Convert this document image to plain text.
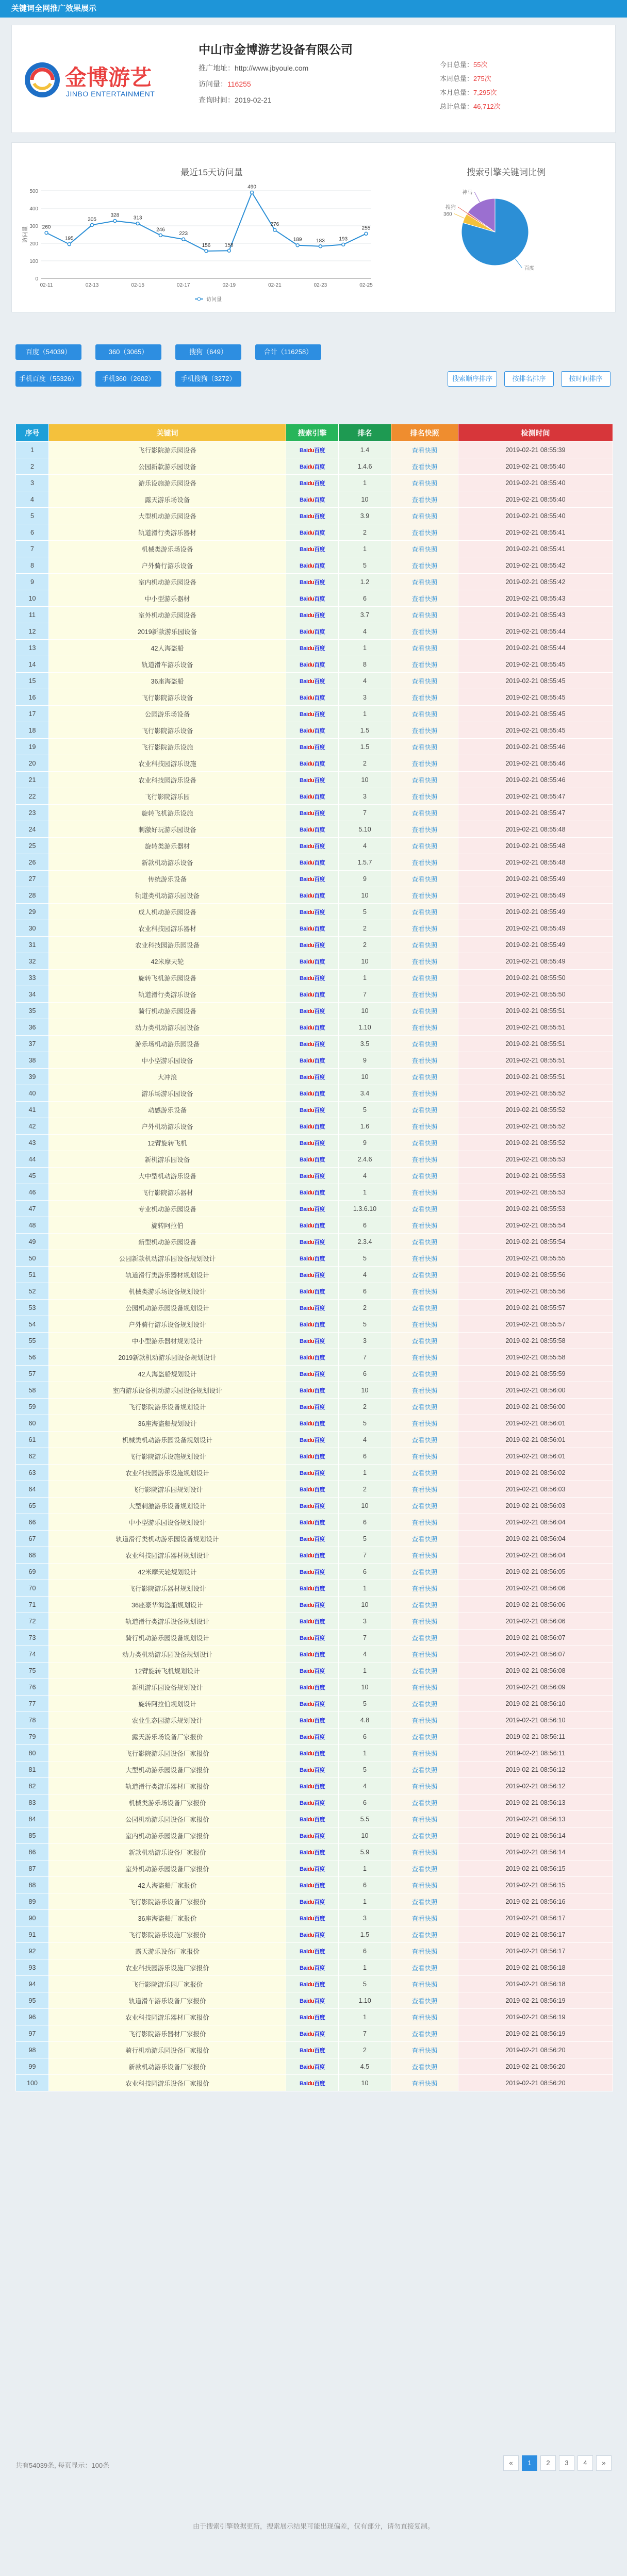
关键词全网推广效果展示
金博游艺
JINBO ENTERTAINMENT
中山市金博游艺设备有限公司
推广地址：http://www.jbyoule.com
访问量：116255
查询时间：2019-02-21
今日总量：55次
本周总量：275次
本月总量：7,295次
总计总量：46,712次
最近15天访问量	搜索引擎关键词比例
0
100
200
300
400
500
访问量	260
195
305
328	313
246
223
156	158
490
276
189	183	193
255
02-11	02-13	02-15	02-17	02-19	02-21	02-23	02-25
访问量
百度
360
搜狗
神马
百度（54039）	360（3065）	搜狗（649）	合计（116258）
手机百度（55326）	手机360（2602）	手机搜狗（3272）	搜索顺序排序	按排名排序	按时间排序
序号	关键词	搜索引擎	排名	排名快照	检测时间
1	飞行影院游乐园设备	Baidu百度	1.4	查看快照	2019-02-21 08:55:39
2	公园新款游乐园设备	Baidu百度	1.4.6	查看快照	2019-02-21 08:55:40
3	游乐设施游乐园设备	Baidu百度	1	查看快照	2019-02-21 08:55:40
4	露天游乐场设备	Baidu百度	10	查看快照	2019-02-21 08:55:40
5	大型机动游乐园设备	Baidu百度	3.9	查看快照	2019-02-21 08:55:40
6	轨道滑行类游乐器材	Baidu百度	2	查看快照	2019-02-21 08:55:41
7	机械类游乐场设备	Baidu百度	1	查看快照	2019-02-21 08:55:41
8	户外骑行游乐设备	Baidu百度	5	查看快照	2019-02-21 08:55:42
9	室内机动游乐园设备	Baidu百度	1.2	查看快照	2019-02-21 08:55:42
10	中小型游乐器材	Baidu百度	6	查看快照	2019-02-21 08:55:43
11	室外机动游乐园设备	Baidu百度	3.7	查看快照	2019-02-21 08:55:43
12	2019新款游乐园设备	Baidu百度	4	查看快照	2019-02-21 08:55:44
13	42人海盗船	Baidu百度	1	查看快照	2019-02-21 08:55:44
14	轨道滑车游乐设备	Baidu百度	8	查看快照	2019-02-21 08:55:45
15	36座海盗船	Baidu百度	4	查看快照	2019-02-21 08:55:45
16	飞行影院游乐设备	Baidu百度	3	查看快照	2019-02-21 08:55:45
17	公园游乐场设备	Baidu百度	1	查看快照	2019-02-21 08:55:45
18	飞行影院游乐设备	Baidu百度	1.5	查看快照	2019-02-21 08:55:45
19	飞行影院游乐设施	Baidu百度	1.5	查看快照	2019-02-21 08:55:46
20	农业科技园游乐设施	Baidu百度	2	查看快照	2019-02-21 08:55:46
21	农业科技园游乐设备	Baidu百度	10	查看快照	2019-02-21 08:55:46
22	飞行影院游乐园	Baidu百度	3	查看快照	2019-02-21 08:55:47
23	旋转飞机游乐设施	Baidu百度	7	查看快照	2019-02-21 08:55:47
24	刺激好玩游乐园设备	Baidu百度	5.10	查看快照	2019-02-21 08:55:48
25	旋转类游乐器材	Baidu百度	4	查看快照	2019-02-21 08:55:48
26	新款机动游乐设备	Baidu百度	1.5.7	查看快照	2019-02-21 08:55:48
27	传统游乐设备	Baidu百度	9	查看快照	2019-02-21 08:55:49
28	轨道类机动游乐园设备	Baidu百度	10	查看快照	2019-02-21 08:55:49
29	成人机动游乐园设备	Baidu百度	5	查看快照	2019-02-21 08:55:49
30	农业科技园游乐器材	Baidu百度	2	查看快照	2019-02-21 08:55:49
31	农业科技园游乐园设备	Baidu百度	2	查看快照	2019-02-21 08:55:49
32	42米摩天轮	Baidu百度	10	查看快照	2019-02-21 08:55:49
33	旋转飞机游乐园设备	Baidu百度	1	查看快照	2019-02-21 08:55:50
34	轨道滑行类游乐设备	Baidu百度	7	查看快照	2019-02-21 08:55:50
35	骑行机动游乐园设备	Baidu百度	10	查看快照	2019-02-21 08:55:51
36	动力类机动游乐园设备	Baidu百度	1.10	查看快照	2019-02-21 08:55:51
37	游乐场机动游乐园设备	Baidu百度	3.5	查看快照	2019-02-21 08:55:51
38	中小型游乐园设备	Baidu百度	9	查看快照	2019-02-21 08:55:51
39	大冲浪	Baidu百度	10	查看快照	2019-02-21 08:55:51
40	游乐场游乐园设备	Baidu百度	3.4	查看快照	2019-02-21 08:55:52
41	动感游乐设备	Baidu百度	5	查看快照	2019-02-21 08:55:52
42	户外机动游乐设备	Baidu百度	1.6	查看快照	2019-02-21 08:55:52
43	12臂旋转飞机	Baidu百度	9	查看快照	2019-02-21 08:55:52
44	新机游乐园设备	Baidu百度	2.4.6	查看快照	2019-02-21 08:55:53
45	大中型机动游乐设备	Baidu百度	4	查看快照	2019-02-21 08:55:53
46	飞行影院游乐器材	Baidu百度	1	查看快照	2019-02-21 08:55:53
47	专业机动游乐园设备	Baidu百度	1.3.6.10	查看快照	2019-02-21 08:55:53
48	旋转阿拉伯	Baidu百度	6	查看快照	2019-02-21 08:55:54
49	新型机动游乐园设备	Baidu百度	2.3.4	查看快照	2019-02-21 08:55:54
50	公园新款机动游乐园设备规划设计	Baidu百度	5	查看快照	2019-02-21 08:55:55
51	轨道滑行类游乐器材规划设计	Baidu百度	4	查看快照	2019-02-21 08:55:56
52	机械类游乐场设备规划设计	Baidu百度	6	查看快照	2019-02-21 08:55:56
53	公园机动游乐园设备规划设计	Baidu百度	2	查看快照	2019-02-21 08:55:57
54	户外骑行游乐设备规划设计	Baidu百度	5	查看快照	2019-02-21 08:55:57
55	中小型游乐器材规划设计	Baidu百度	3	查看快照	2019-02-21 08:55:58
56	2019新款机动游乐园设备规划设计	Baidu百度	7	查看快照	2019-02-21 08:55:58
57	42人海盗船规划设计	Baidu百度	6	查看快照	2019-02-21 08:55:59
58	室内游乐设备机动游乐园设备规划设计	Baidu百度	10	查看快照	2019-02-21 08:56:00
59	飞行影院游乐设备规划设计	Baidu百度	2	查看快照	2019-02-21 08:56:00
60	36座海盗船规划设计	Baidu百度	5	查看快照	2019-02-21 08:56:01
61	机械类机动游乐园设备规划设计	Baidu百度	4	查看快照	2019-02-21 08:56:01
62	飞行影院游乐设施规划设计	Baidu百度	6	查看快照	2019-02-21 08:56:01
63	农业科技园游乐设施规划设计	Baidu百度	1	查看快照	2019-02-21 08:56:02
64	飞行影院游乐园规划设计	Baidu百度	2	查看快照	2019-02-21 08:56:03
65	大型刺激游乐设备规划设计	Baidu百度	10	查看快照	2019-02-21 08:56:03
66	中小型游乐园设备规划设计	Baidu百度	6	查看快照	2019-02-21 08:56:04
67	轨道滑行类机动游乐园设备规划设计	Baidu百度	5	查看快照	2019-02-21 08:56:04
68	农业科技园游乐器材规划设计	Baidu百度	7	查看快照	2019-02-21 08:56:04
69	42米摩天轮规划设计	Baidu百度	6	查看快照	2019-02-21 08:56:05
70	飞行影院游乐器材规划设计	Baidu百度	1	查看快照	2019-02-21 08:56:06
71	36座豪华海盗船规划设计	Baidu百度	10	查看快照	2019-02-21 08:56:06
72	轨道滑行类游乐设备规划设计	Baidu百度	3	查看快照	2019-02-21 08:56:06
73	骑行机动游乐园设备规划设计	Baidu百度	7	查看快照	2019-02-21 08:56:07
74	动力类机动游乐园设备规划设计	Baidu百度	4	查看快照	2019-02-21 08:56:07
75	12臂旋转飞机规划设计	Baidu百度	1	查看快照	2019-02-21 08:56:08
76	新机游乐园设备规划设计	Baidu百度	10	查看快照	2019-02-21 08:56:09
77	旋转阿拉伯规划设计	Baidu百度	5	查看快照	2019-02-21 08:56:10
78	农业生态园游乐规划设计	Baidu百度	4.8	查看快照	2019-02-21 08:56:10
79	露天游乐场设备厂家报价	Baidu百度	6	查看快照	2019-02-21 08:56:11
80	飞行影院游乐园设备厂家报价	Baidu百度	1	查看快照	2019-02-21 08:56:11
81	大型机动游乐园设备厂家报价	Baidu百度	5	查看快照	2019-02-21 08:56:12
82	轨道滑行类游乐器材厂家报价	Baidu百度	4	查看快照	2019-02-21 08:56:12
83	机械类游乐场设备厂家报价	Baidu百度	6	查看快照	2019-02-21 08:56:13
84	公园机动游乐园设备厂家报价	Baidu百度	5.5	查看快照	2019-02-21 08:56:13
85	室内机动游乐园设备厂家报价	Baidu百度	10	查看快照	2019-02-21 08:56:14
86	新款机动游乐设备厂家报价	Baidu百度	5.9	查看快照	2019-02-21 08:56:14
87	室外机动游乐园设备厂家报价	Baidu百度	1	查看快照	2019-02-21 08:56:15
88	42人海盗船厂家报价	Baidu百度	6	查看快照	2019-02-21 08:56:15
89	飞行影院游乐设备厂家报价	Baidu百度	1	查看快照	2019-02-21 08:56:16
90	36座海盗船厂家报价	Baidu百度	3	查看快照	2019-02-21 08:56:17
91	飞行影院游乐设施厂家报价	Baidu百度	1.5	查看快照	2019-02-21 08:56:17
92	露天游乐设备厂家报价	Baidu百度	6	查看快照	2019-02-21 08:56:17
93	农业科技园游乐设施厂家报价	Baidu百度	1	查看快照	2019-02-21 08:56:18
94	飞行影院游乐园厂家报价	Baidu百度	5	查看快照	2019-02-21 08:56:18
95	轨道滑车游乐设备厂家报价	Baidu百度	1.10	查看快照	2019-02-21 08:56:19
96	农业科技园游乐器材厂家报价	Baidu百度	1	查看快照	2019-02-21 08:56:19
97	飞行影院游乐器材厂家报价	Baidu百度	7	查看快照	2019-02-21 08:56:19
98	骑行机动游乐园设备厂家报价	Baidu百度	2	查看快照	2019-02-21 08:56:20
99	新款机动游乐设备厂家报价	Baidu百度	4.5	查看快照	2019-02-21 08:56:20
100	农业科技园游乐设备厂家报价	Baidu百度	10	查看快照	2019-02-21 08:56:20
共有54039条, 每页显示：100条	«	1	2	3	4	»
由于搜索引擎数据更新，搜索展示结果可能出现偏差，仅有部分，请勿直接复制。
